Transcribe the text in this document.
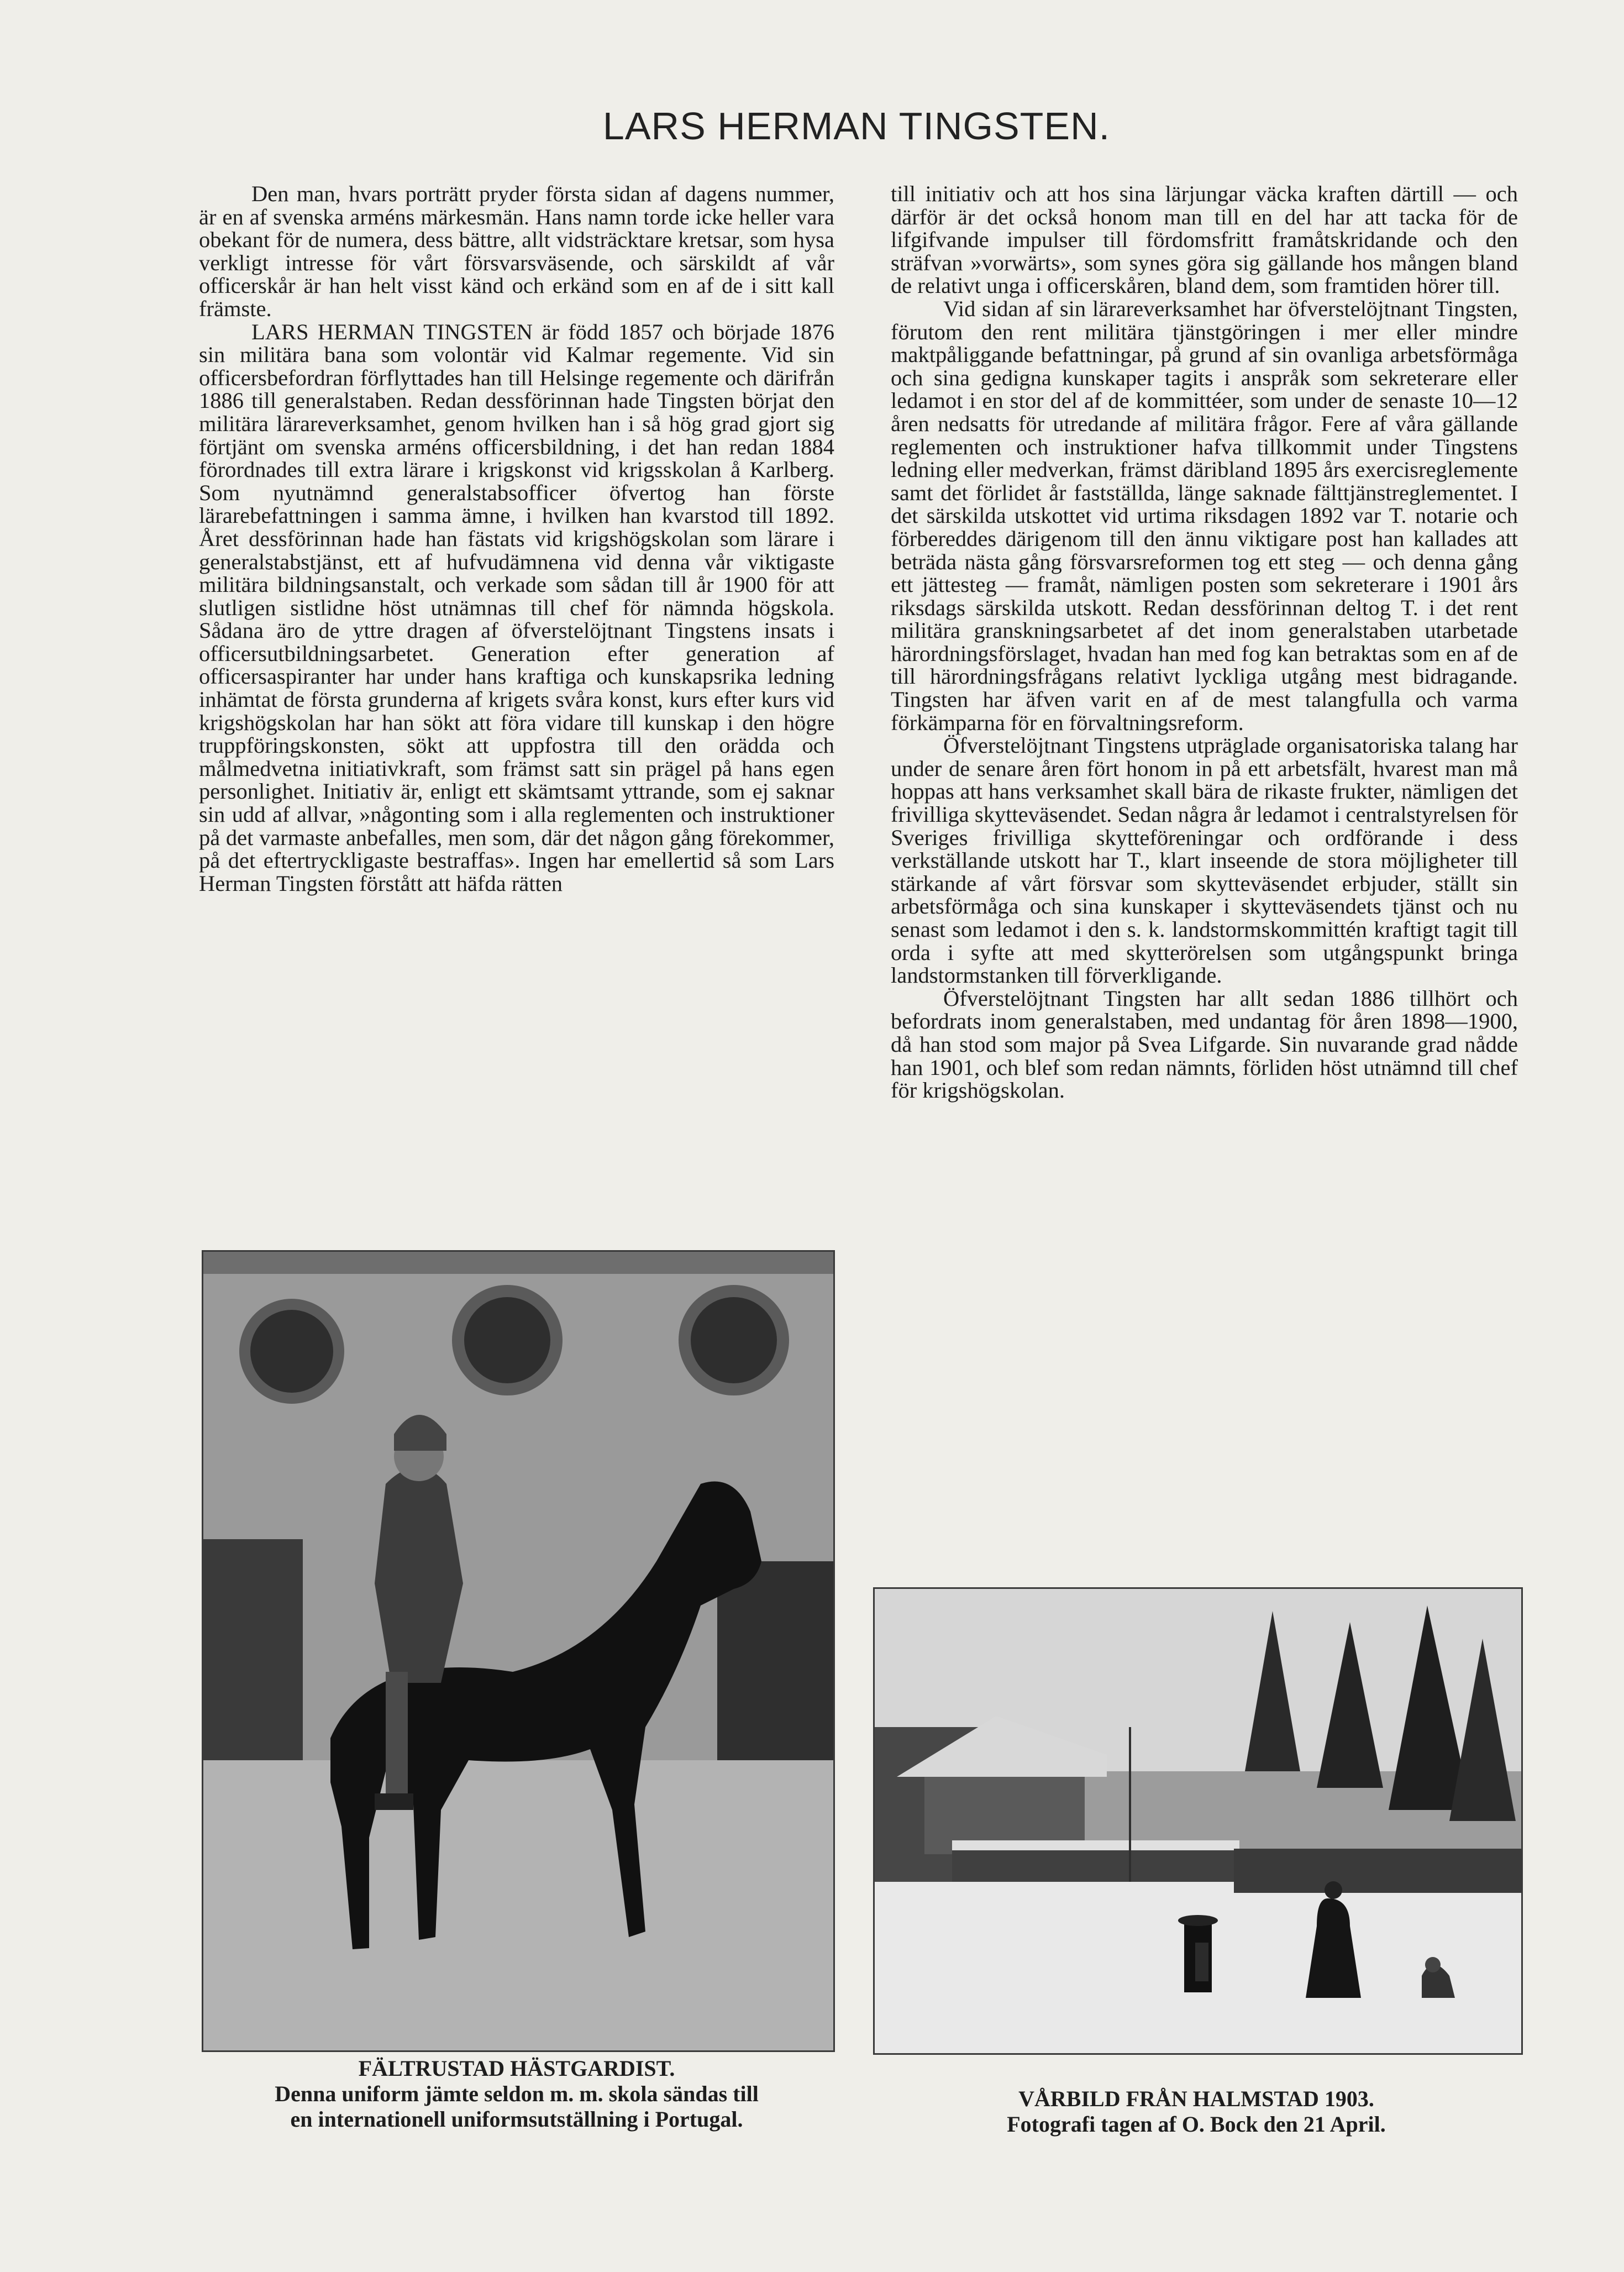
LARS HERMAN TINGSTEN.

Den man, hvars porträtt pryder första sidan af dagens nummer, är en af svenska arméns märkesmän. Hans namn torde icke heller vara obekant för de numera, dess bättre, allt vidsträcktare kretsar, som hysa verkligt intresse för vårt försvarsväsende, och särskildt af vår officerskår är han helt visst känd och erkänd som en af de i sitt kall främste.

LARS HERMAN TINGSTEN är född 1857 och började 1876 sin militära bana som volontär vid Kalmar regemente. Vid sin officersbefordran förflyttades han till Helsinge regemente och därifrån 1886 till generalstaben. Redan dessförinnan hade Tingsten börjat den militära lärareverksamhet, genom hvilken han i så hög grad gjort sig förtjänt om svenska arméns officersbildning, i det han redan 1884 förordnades till extra lärare i krigskonst vid krigsskolan å Karlberg. Som nyutnämnd generalstabsofficer öfvertog han förste lärarebefattningen i samma ämne, i hvilken han kvarstod till 1892. Året dessförinnan hade han fästats vid krigshögskolan som lärare i generalstabstjänst, ett af hufvudämnena vid denna vår viktigaste militära bildningsanstalt, och verkade som sådan till år 1900 för att slutligen sistlidne höst utnämnas till chef för nämnda högskola. Sådana äro de yttre dragen af öfverstelöjtnant Tingstens insats i officersutbildningsarbetet. Generation efter generation af officersaspiranter har under hans kraftiga och kunskapsrika ledning inhämtat de första grunderna af krigets svåra konst, kurs efter kurs vid krigshögskolan har han sökt att föra vidare till kunskap i den högre truppföringskonsten, sökt att uppfostra till den orädda och målmedvetna initiativkraft, som främst satt sin prägel på hans egen personlighet. Initiativ är, enligt ett skämtsamt yttrande, som ej saknar sin udd af allvar, »någonting som i alla reglementen och instruktioner på det varmaste anbefalles, men som, där det någon gång förekommer, på det eftertryckligaste bestraffas». Ingen har emellertid så som Lars Herman Tingsten förstått att häfda rätten

till initiativ och att hos sina lärjungar väcka kraften därtill — och därför är det också honom man till en del har att tacka för de lifgifvande impulser till fördomsfritt framåtskridande och den sträfvan »vorwärts», som synes göra sig gällande hos mången bland de relativt unga i officerskåren, bland dem, som framtiden hörer till.

Vid sidan af sin lärareverksamhet har öfverstelöjtnant Tingsten, förutom den rent militära tjänstgöringen i mer eller mindre maktpåliggande befattningar, på grund af sin ovanliga arbetsförmåga och sina gedigna kunskaper tagits i anspråk som sekreterare eller ledamot i en stor del af de kommittéer, som under de senaste 10—12 åren nedsatts för utredande af militära frågor. Fere af våra gällande reglementen och instruktioner hafva tillkommit under Tingstens ledning eller medverkan, främst däribland 1895 års exercisreglemente samt det förlidet år fastställda, länge saknade fälttjänstreglementet. I det särskilda utskottet vid urtima riksdagen 1892 var T. notarie och förbereddes därigenom till den ännu viktigare post han kallades att beträda nästa gång försvarsreformen tog ett steg — och denna gång ett jättesteg — framåt, nämligen posten som sekreterare i 1901 års riksdags särskilda utskott. Redan dessförinnan deltog T. i det rent militära granskningsarbetet af det inom generalstaben utarbetade härordningsförslaget, hvadan han med fog kan betraktas som en af de till härordningsfrågans relativt lyckliga utgång mest bidragande. Tingsten har äfven varit en af de mest talangfulla och varma förkämparna för en förvaltningsreform.

Öfverstelöjtnant Tingstens utpräglade organisatoriska talang har under de senare åren fört honom in på ett arbetsfält, hvarest man må hoppas att hans verksamhet skall bära de rikaste frukter, nämligen det frivilliga skytteväsendet. Sedan några år ledamot i centralstyrelsen för Sveriges frivilliga skytteföreningar och ordförande i dess verkställande utskott har T., klart inseende de stora möjligheter till stärkande af vårt försvar som skytteväsendet erbjuder, ställt sin arbetsförmåga och sina kunskaper i skytteväsendets tjänst och nu senast som ledamot i den s. k. landstormskommittén kraftigt tagit till orda i syfte att med skytterörelsen som utgångspunkt bringa landstormstanken till förverkligande.

Öfverstelöjtnant Tingsten har allt sedan 1886 tillhört och befordrats inom generalstaben, med undantag för åren 1898—1900, då han stod som major på Svea Lifgarde. Sin nuvarande grad nådde han 1901, och blef som redan nämnts, förliden höst utnämnd till chef för krigshögskolan.

FÄLTRUSTAD HÄSTGARDIST.
Denna uniform jämte seldon m. m. skola sändas till
en internationell uniformsutställning i Portugal.
VÅRBILD FRÅN HALMSTAD 1903.
Fotografi tagen af O. Bock den 21 April.
